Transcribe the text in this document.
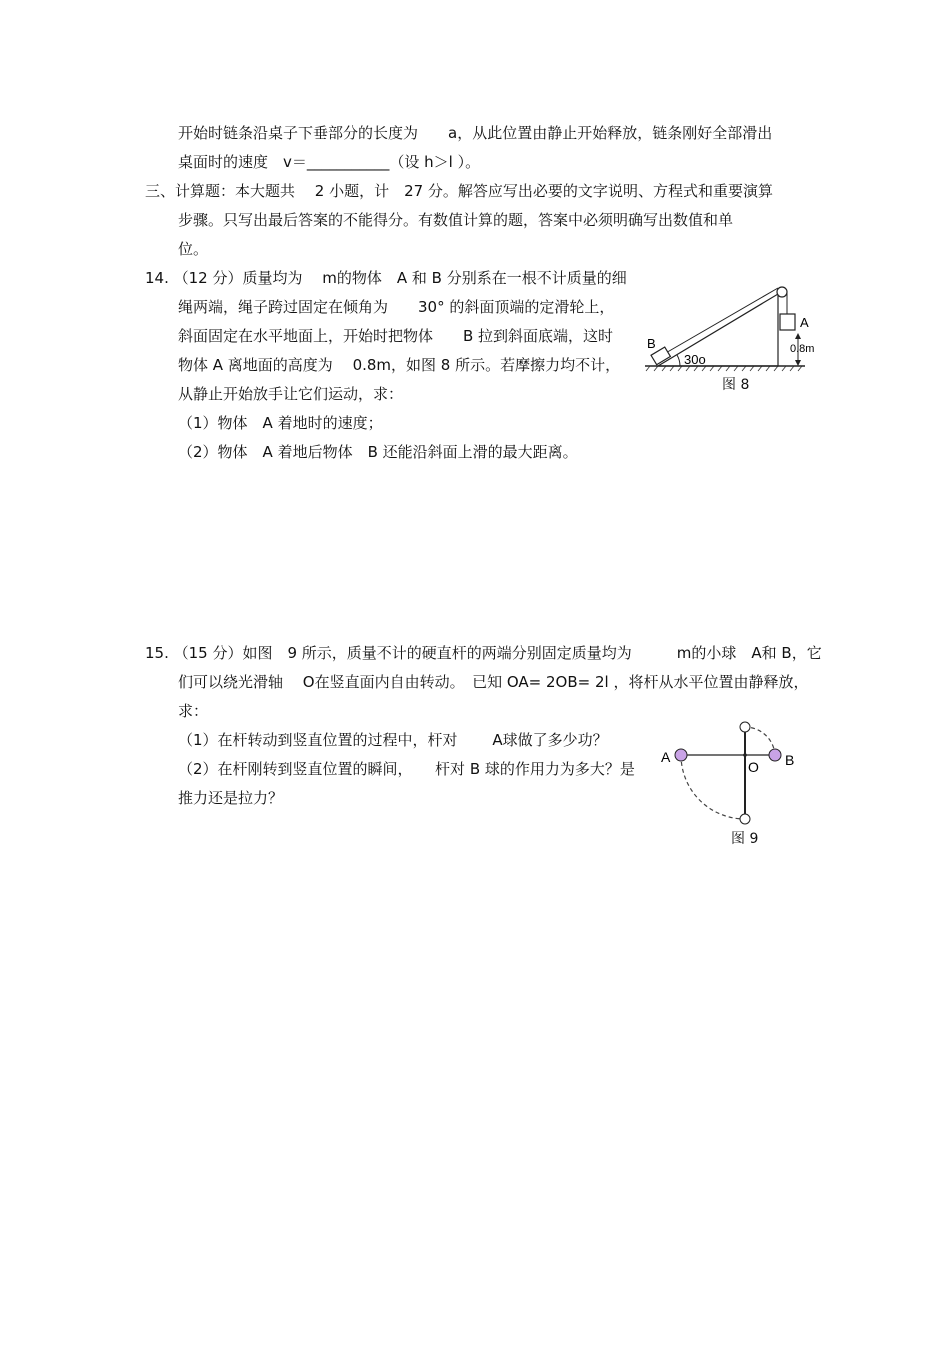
开始时链条沿桌子下垂部分的长度为　　a，从此位置由静止开始释放，链条刚好全部滑出
桌面时的速度　v＝___________（设 h＞l ）。
三、计算题：本大题共　 2 小题，计　27 分。解答应写出必要的文字说明、方程式和重要演算
步骤。只写出最后答案的不能得分。有数值计算的题，答案中必须明确写出数值和单
位。
14. （12 分）质量均为　 m的物体　A 和 B 分别系在一根不计质量的细
绳两端，绳子跨过固定在倾角为　　30° 的斜面顶端的定滑轮上，
斜面固定在水平地面上，开始时把物体　　B 拉到斜面底端，这时
物体 A 离地面的高度为　 0.8m，如图 8 所示。若摩擦力均不计，
从静止开始放手让它们运动，求：
（1）物体　A 着地时的速度；
（2）物体　A 着地后物体　B 还能沿斜面上滑的最大距离。
B
A
30o
0.8m
图 8
15. （15 分）如图　9 所示，质量不计的硬直杆的两端分别固定质量均为　　　m的小球　A和 B，它
们可以绕光滑轴　 O在竖直面内自由转动。　已知 OA= 2OB= 2l ，将杆从水平位置由静释放，
求：
（1）在杆转动到竖直位置的过程中，杆对　　 A球做了多少功？
（2）在杆刚转到竖直位置的瞬间，　　杆对 B 球的作用力为多大？是
推力还是拉力？
A	B
O
图 9
